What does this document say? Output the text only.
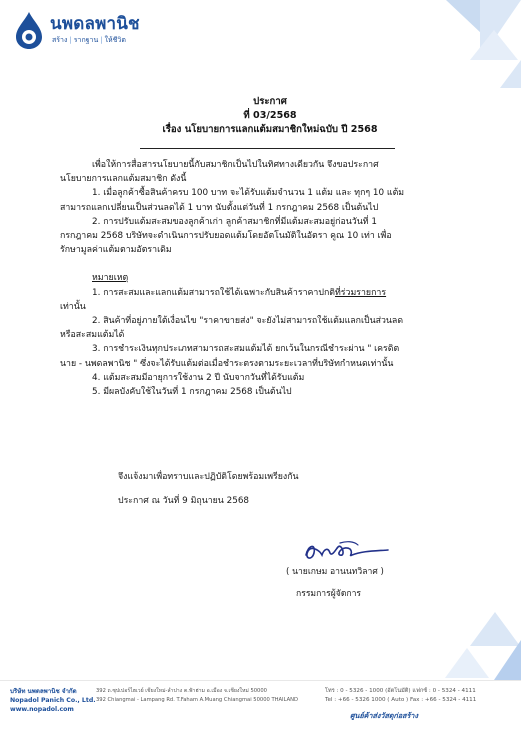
นพดลพานิช
สร้าง | รากฐาน | ให้ชีวิต
ประกาศ
ที่ 03/2568
เรื่อง นโยบายการแลกแต้มสมาชิกใหม่ฉบับ ปี 2568

เพื่อให้การสื่อสารนโยบายนี้กับสมาชิกเป็นไปในทิศทางเดียวกัน จึงขอประกาศ

นโยบายการแลกแต้มสมาชิก ดังนี้

1. เมื่อลูกค้าซื้อสินค้าครบ 100 บาท จะได้รับแต้มจำนวน 1 แต้ม และ ทุกๆ 10 แต้ม

สามารถแลกเปลี่ยนเป็นส่วนลดได้ 1 บาท นับตั้งแต่วันที่ 1 กรกฎาคม 2568 เป็นต้นไป

2. การปรับแต้มสะสมของลูกค้าเก่า ลูกค้าสมาชิกที่มีแต้มสะสมอยู่ก่อนวันที่ 1

กรกฎาคม 2568 บริษัทจะดำเนินการปรับยอดแต้มโดยอัตโนมัติในอัตรา คูณ 10 เท่า เพื่อ

รักษามูลค่าแต้มตามอัตราเดิม

หมายเหตุ

1. การสะสมและแลกแต้มสามารถใช้ได้เฉพาะกับสินค้าราคาปกติที่ร่วมรายการ

เท่านั้น

2. สินค้าที่อยู่ภายใต้เงื่อนไข "ราคาขายส่ง" จะยังไม่สามารถใช้แต้มแลกเป็นส่วนลด

หรือสะสมแต้มได้

3. การชำระเงินทุกประเภทสามารถสะสมแต้มได้ ยกเว้นในกรณีชำระผ่าน " เครดิต

นาย - นพดลพานิช " ซึ่งจะได้รับแต้มต่อเมื่อชำระตรงตามระยะเวลาที่บริษัทกำหนดเท่านั้น

4. แต้มสะสมมีอายุการใช้งาน 2 ปี นับจากวันที่ได้รับแต้ม

5. มีผลบังคับใช้ในวันที่ 1 กรกฎาคม 2568 เป็นต้นไป

จึงแจ้งมาเพื่อทราบและปฏิบัติโดยพร้อมเพรียงกัน
ประกาศ ณ วันที่ 9 มิถุนายน 2568
( นายเกษม อานนทวิลาศ )
กรรมการผู้จัดการ
บริษัท นพดลพานิช จำกัด
Nopadol Panich Co., Ltd.
www.nopadol.com
392 ถ.ซุปเปอร์ไฮเวย์ เชียงใหม่-ลำปาง ต.ฟ้าฮ่าม อ.เมือง จ.เชียงใหม่ 50000
392 Chiangmai - Lampang Rd. T.Faham A.Muang Chiangmai 50000 THAILAND
โทร : 0 - 5326 - 1000 (อัตโนมัติ) แฟกซ์ : 0 - 5324 - 4111
Tel : +66 - 5326 1000 ( Auto ) Fax : +66 - 5324 - 4111
ศูนย์ค้าส่งวัสดุก่อสร้าง
